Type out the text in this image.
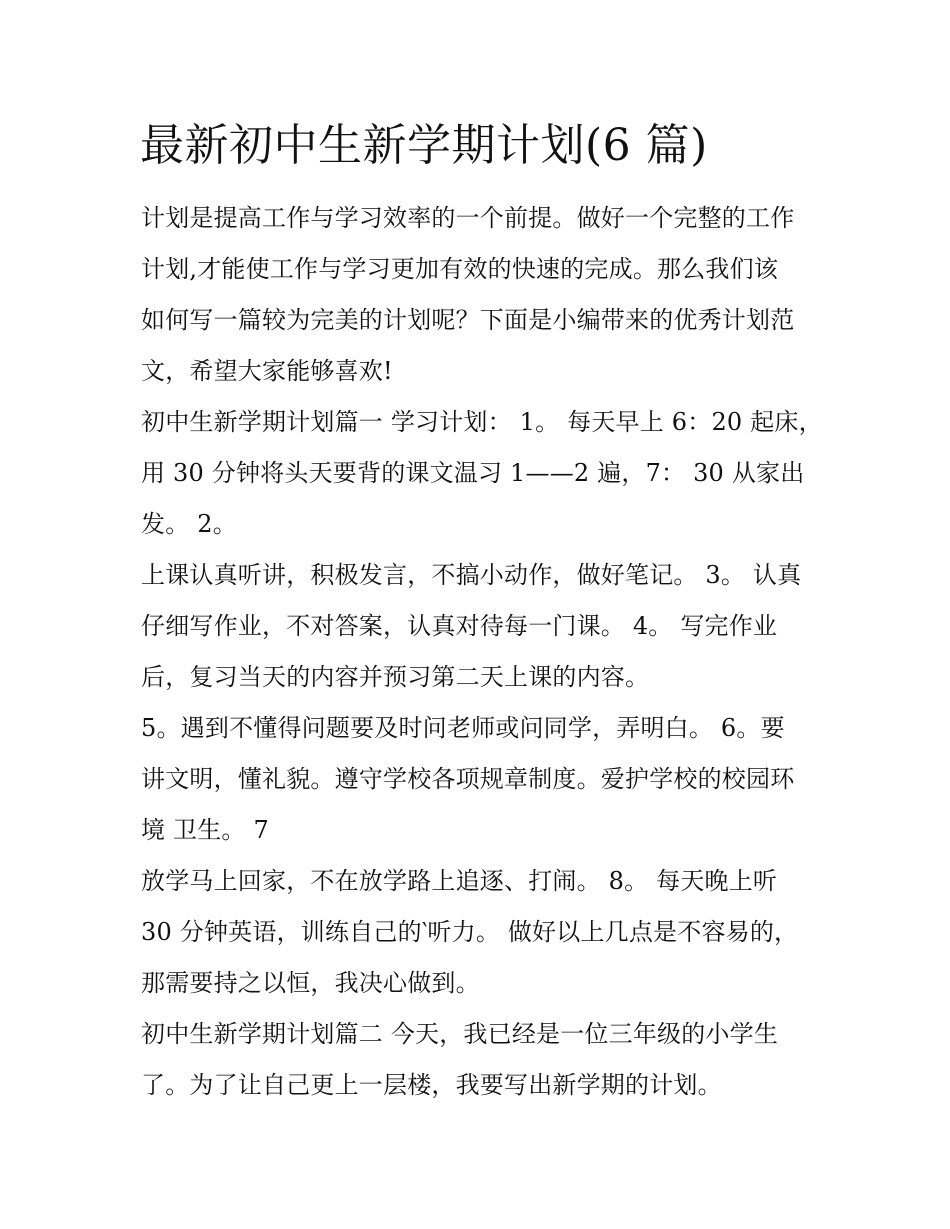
最新初中生新学期计划(6 篇)

计划是提高工作与学习效率的一个前提。做好一个完整的工作

计划,才能使工作与学习更加有效的快速的完成。那么我们该

如何写一篇较为完美的计划呢？下面是小编带来的优秀计划范

文，希望大家能够喜欢!

初中生新学期计划篇一 学习计划： 1。 每天早上 6：20 起床，

用 30 分钟将头天要背的课文温习 1——2 遍，7： 30 从家出

发。 2。

上课认真听讲，积极发言，不搞小动作，做好笔记。 3。 认真

仔细写作业，不对答案，认真对待每一门课。 4。 写完作业

后，复习当天的内容并预习第二天上课的内容。

5。遇到不懂得问题要及时问老师或问同学，弄明白。 6。要

讲文明，懂礼貌。遵守学校各项规章制度。爱护学校的校园环

境 卫生。 7

放学马上回家，不在放学路上追逐、打闹。 8。 每天晚上听

30 分钟英语，训练自己的‵听力。 做好以上几点是不容易的，

那需要持之以恒，我决心做到。

初中生新学期计划篇二 今天，我已经是一位三年级的小学生

了。为了让自己更上一层楼，我要写出新学期的计划。
